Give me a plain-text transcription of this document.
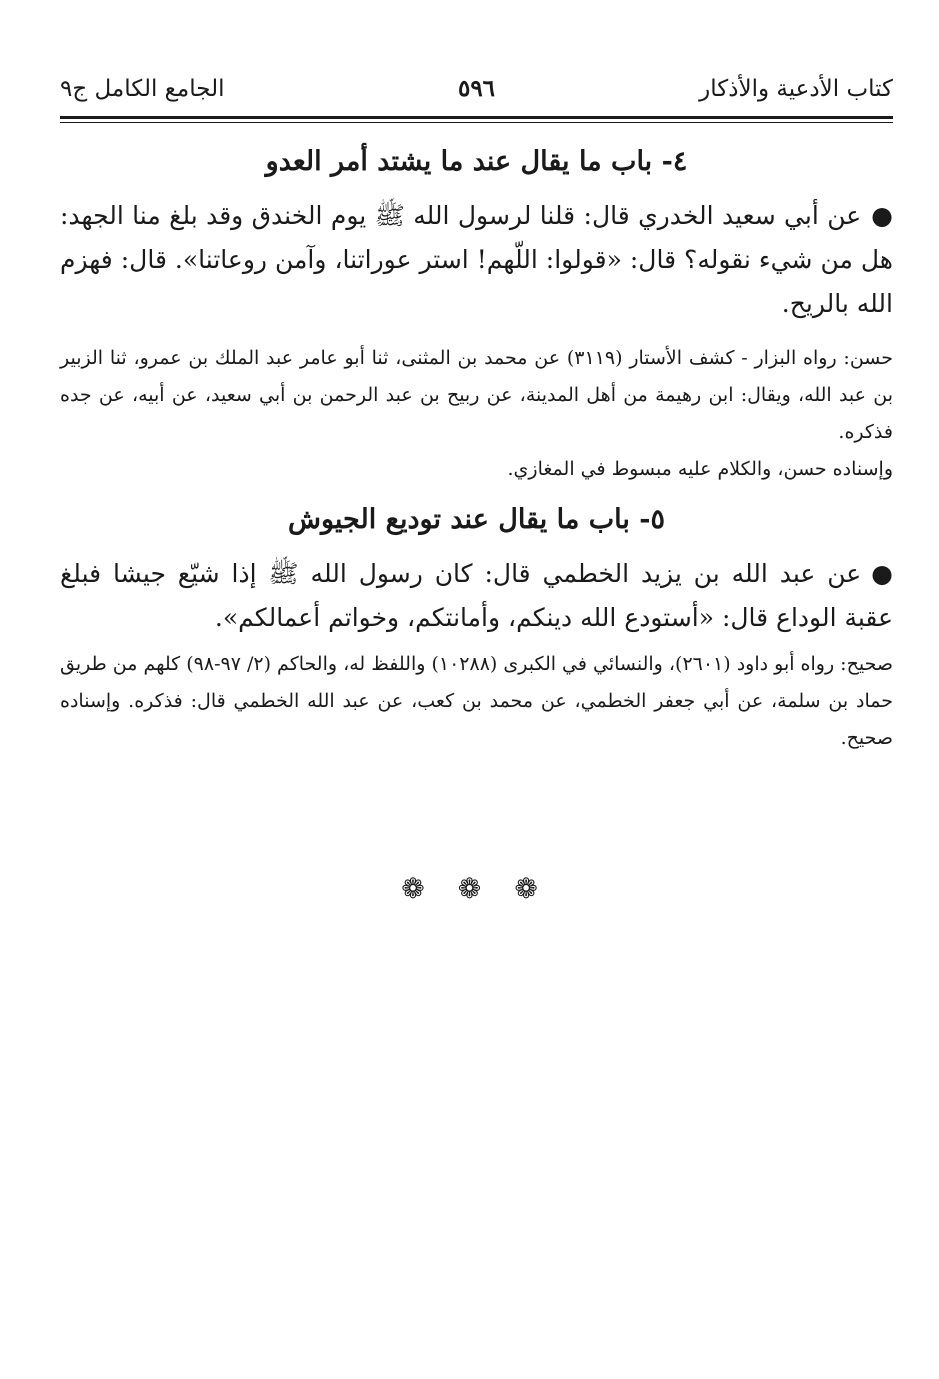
كتاب الأدعية والأذكار
٥٩٦
الجامع الكامل ج٩
٤- باب ما يقال عند ما يشتد أمر العدو

●عن أبي سعيد الخدري قال: قلنا لرسول الله ﷺ يوم الخندق وقد بلغ منا الجهد: هل من شيء نقوله؟ قال: «قولوا: اللّهم! استر عوراتنا، وآمن روعاتنا». قال: فهزم الله بالريح.

حسن: رواه البزار - كشف الأستار (٣١١٩) عن محمد بن المثنى، ثنا أبو عامر عبد الملك بن عمرو، ثنا الزبير بن عبد الله، ويقال: ابن رهيمة من أهل المدينة، عن ربيح بن عبد الرحمن بن أبي سعيد، عن أبيه، عن جده فذكره.

وإسناده حسن، والكلام عليه مبسوط في المغازي.

٥- باب ما يقال عند توديع الجيوش

●عن عبد الله بن يزيد الخطمي قال: كان رسول الله ﷺ إذا شيّع جيشا فبلغ عقبة الوداع قال: «أستودع الله دينكم، وأمانتكم، وخواتم أعمالكم».

صحيح: رواه أبو داود (٢٦٠١)، والنسائي في الكبرى (١٠٢٨٨) واللفظ له، والحاكم (٢/ ٩٧-٩٨) كلهم من طريق حماد بن سلمة، عن أبي جعفر الخطمي، عن محمد بن كعب، عن عبد الله الخطمي قال: فذكره. وإسناده صحيح.

❁ ❁ ❁
